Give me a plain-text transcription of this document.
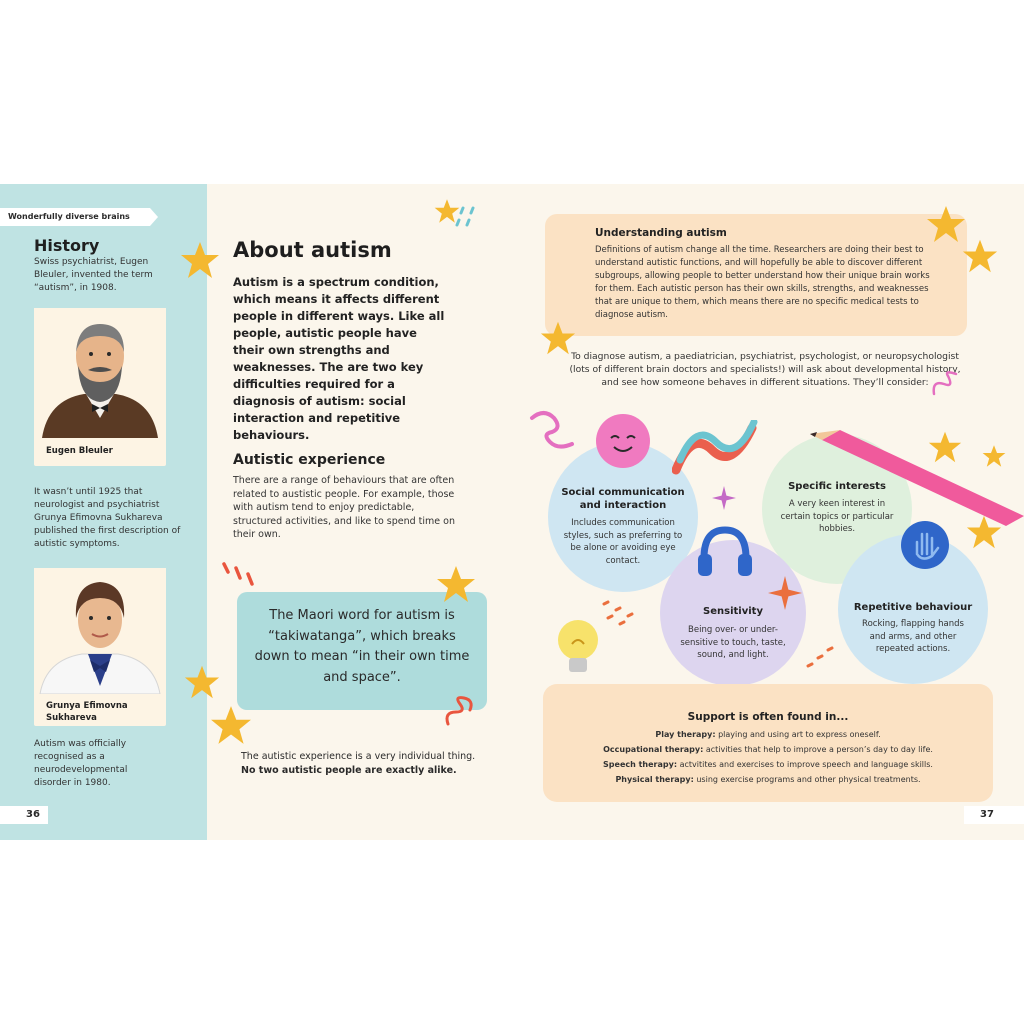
Wonderfully diverse brains
History
Swiss psychiatrist, Eugen Bleuler, invented the term “autism”, in 1908.
Eugen Bleuler
It wasn’t until 1925 that neurologist and psychiatrist Grunya Efimovna Sukhareva published the first description of autistic symptoms.
Grunya Efimovna Sukhareva
Autism was officially recognised as a neurodevelopmental disorder in 1980.
36
About autism
Autism is a spectrum condition, which means it affects different people in different ways. Like all people, autistic people have their own strengths and weaknesses. The are two key difficulties required for a diagnosis of autism: social interaction and repetitive behaviours.
Autistic experience
There are a range of behaviours that are often related to austistic people. For example, those with autism tend to enjoy predictable, structured activities, and like to spend time on their own.
The Maori word for autism is “takiwatanga”, which breaks down to mean “in their own time and space”.
The autistic experience is a very individual thing. No two autistic people are exactly alike.
Understanding autism
Definitions of autism change all the time. Researchers are doing their best to understand autistic functions, and will hopefully be able to discover different subgroups, allowing people to better understand how their unique brain works for them. Each autistic person has their own skills, strengths, and weaknesses that are unique to them, which means there are no specific medical tests to diagnose autism.
To diagnose autism, a paediatrician, psychiatrist, psychologist, or neuropsychologist (lots of different brain doctors and specialists!) will ask about developmental history, and see how someone behaves in different situations. They’ll consider:
Social communication and interaction
Includes communication styles, such as preferring to be alone or avoiding eye contact.
Specific interests
A very keen interest in certain topics or particular hobbies.
Sensitivity
Being over- or under-sensitive to touch, taste, sound, and light.
Repetitive behaviour
Rocking, flapping hands and arms, and other repeated actions.
Support is often found in...
Play therapy: playing and using art to express oneself.
Occupational therapy: activities that help to improve a person’s day to day life.
Speech therapy: actvitites and exercises to improve speech and language skills.
Physical therapy: using exercise programs and other physical treatments.
37
